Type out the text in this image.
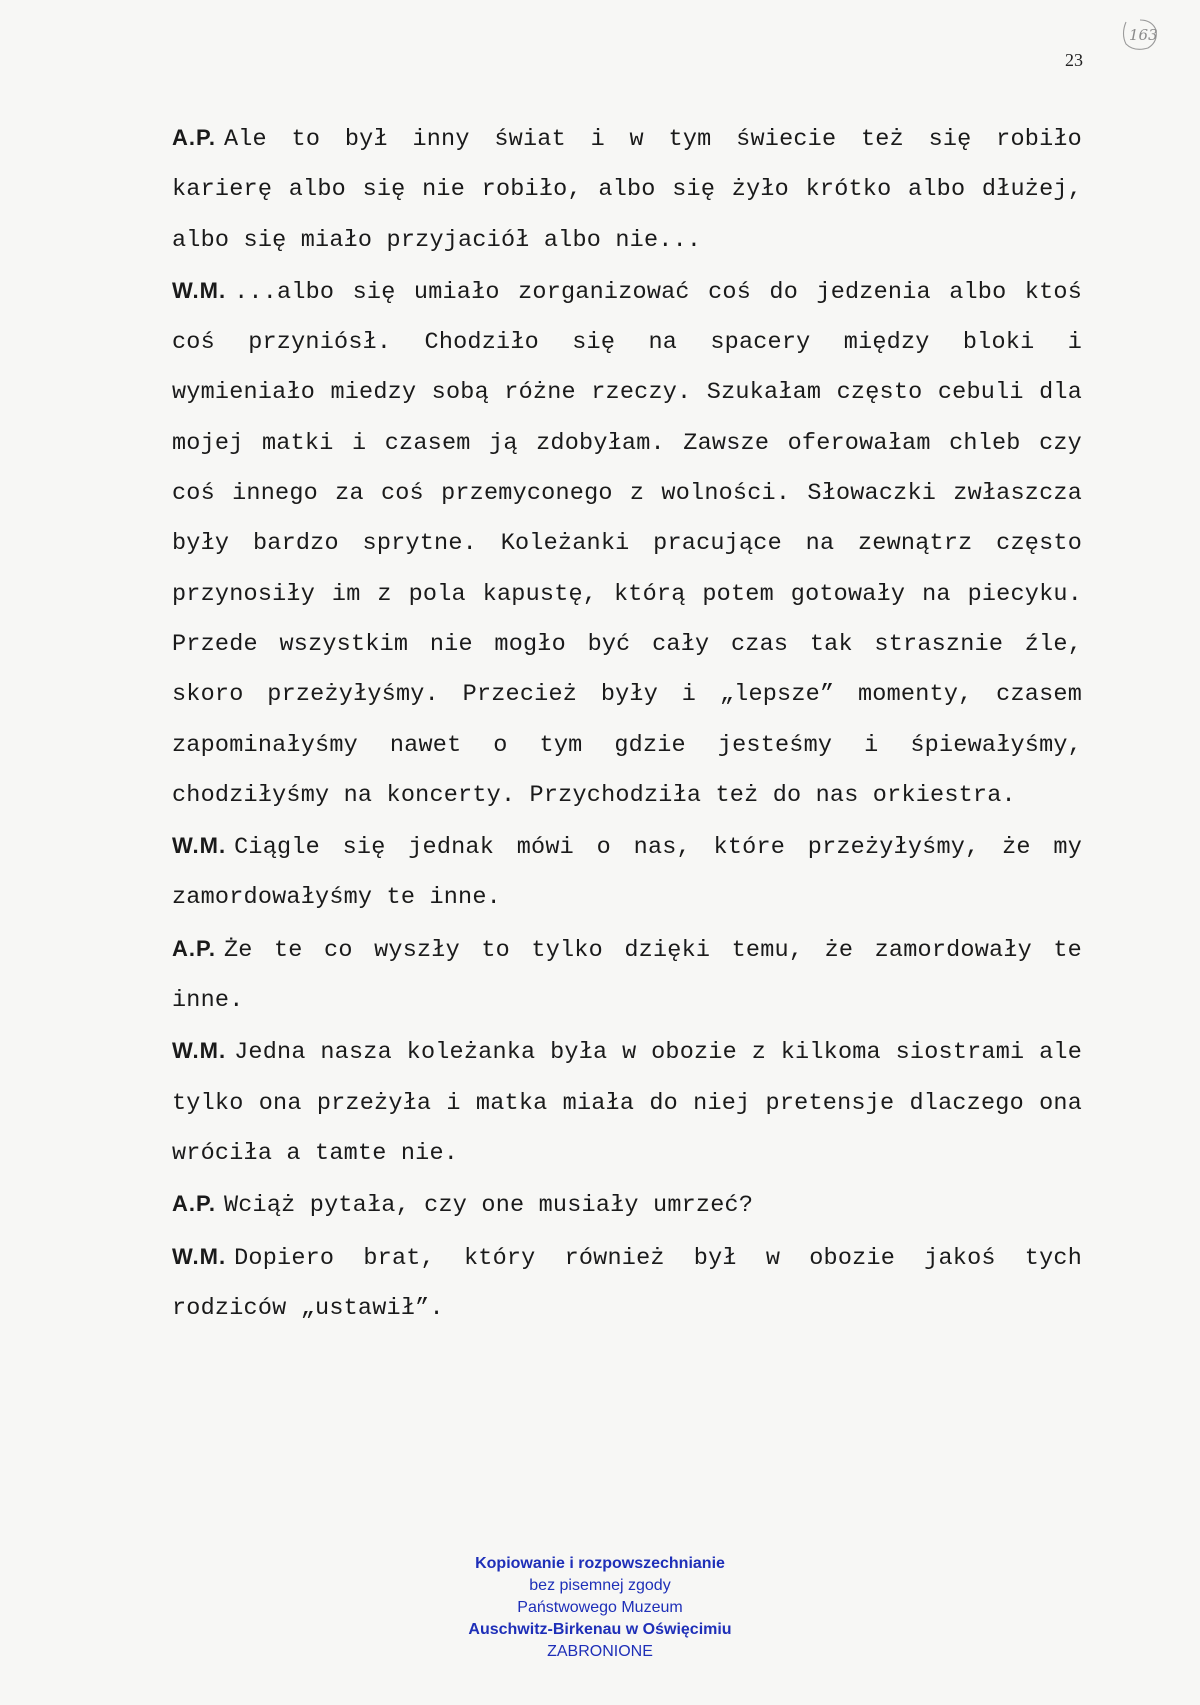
163
23

A.P. Ale to był inny świat i w tym świecie też się robiło karierę albo się nie robiło, albo się żyło krótko albo dłużej, albo się miało przyjaciół albo nie...

W.M. ...albo się umiało zorganizować coś do jedzenia albo ktoś coś przyniósł. Chodziło się na spacery między bloki i wymieniało miedzy sobą różne rzeczy. Szukałam często cebuli dla mojej matki i czasem ją zdobyłam. Zawsze oferowałam chleb czy coś innego za coś przemyconego z wolności. Słowaczki zwłaszcza były bardzo sprytne. Koleżanki pracujące na zewnątrz często przynosiły im z pola kapustę, którą potem gotowały na piecyku. Przede wszystkim nie mogło być cały czas tak strasznie źle, skoro przeżyłyśmy. Przecież były i „lepsze” momenty, czasem zapominałyśmy nawet o tym gdzie jesteśmy i śpiewałyśmy, chodziłyśmy na koncerty. Przychodziła też do nas orkiestra.

W.M. Ciągle się jednak mówi o nas, które przeżyłyśmy, że my zamordowałyśmy te inne.

A.P. Że te co wyszły to tylko dzięki temu, że zamordowały te inne.

W.M. Jedna nasza koleżanka była w obozie z kilkoma siostrami ale tylko ona przeżyła i matka miała do niej pretensje dlaczego ona wróciła a tamte nie.

A.P. Wciąż pytała, czy one musiały umrzeć?

W.M. Dopiero brat, który również był w obozie jakoś tych rodziców „ustawił”.

Kopiowanie i rozpowszechnianie
bez pisemnej zgody
Państwowego Muzeum
Auschwitz-Birkenau w Oświęcimiu
ZABRONIONE
